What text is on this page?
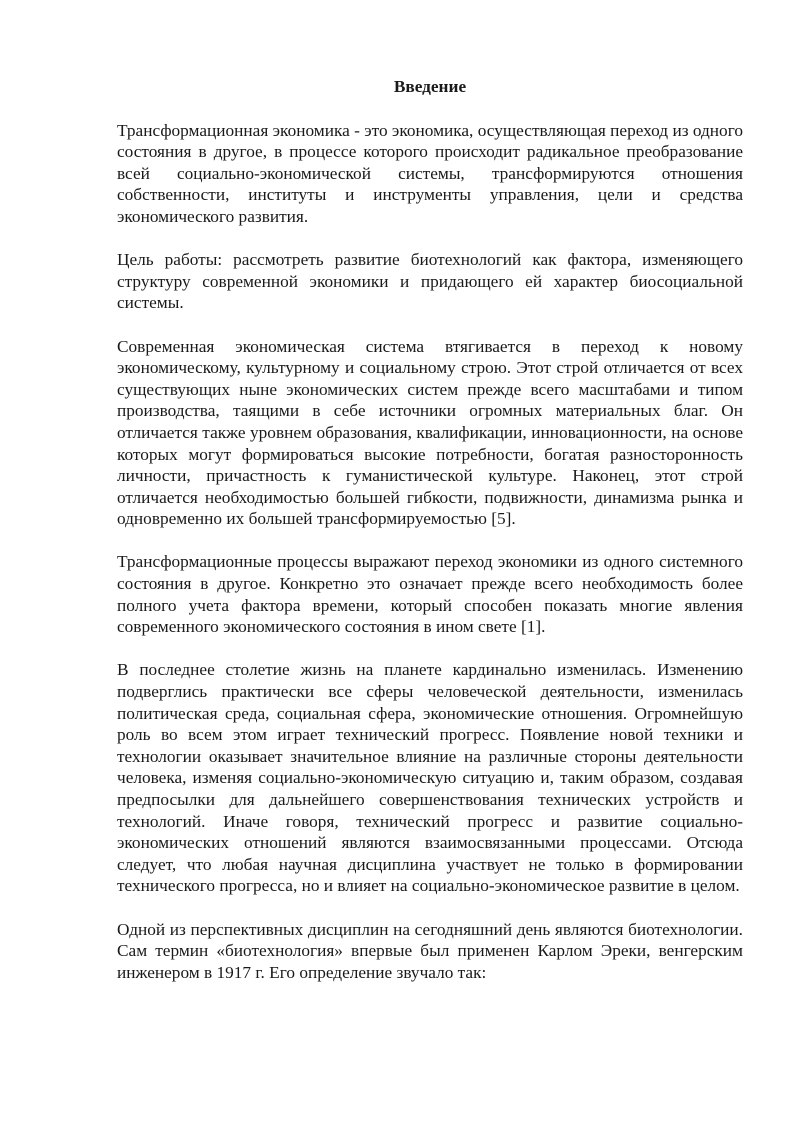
Введение

Трансформационная экономика - это экономика, осуществляющая переход из одного состояния в другое, в процессе которого происходит радикальное преобразование всей социально-экономической системы, трансформируются отношения собственности, институты и инструменты управления, цели и средства экономического развития.

Цель работы: рассмотреть развитие биотехнологий как фактора, изменяющего структуру современной экономики и придающего ей характер биосоциальной системы.

Современная экономическая система втягивается в переход к новому экономическому, культурному и социальному строю. Этот строй отличается от всех существующих ныне экономических систем прежде всего масштабами и типом производства, таящими в себе источники огромных материальных благ. Он отличается также уровнем образования, квалификации, инновационности, на основе которых могут формироваться высокие потребности, богатая разносторонность личности, причастность к гуманистической культуре. Наконец, этот строй отличается необходимостью большей гибкости, подвижности, динамизма рынка и одновременно их большей трансформируемостью [5].

Трансформационные процессы выражают переход экономики из одного системного состояния в другое. Конкретно это означает прежде всего необходимость более полного учета фактора времени, который способен показать многие явления современного экономического состояния в ином свете [1].

В последнее столетие жизнь на планете кардинально изменилась. Изменению подверглись практически все сферы человеческой деятельности, изменилась политическая среда, социальная сфера, экономические отношения. Огромнейшую роль во всем этом играет технический прогресс. Появление новой техники и технологии оказывает значительное влияние на различные стороны деятельности человека, изменяя социально-экономическую ситуацию и, таким образом, создавая предпосылки для дальнейшего совершенствования технических устройств и технологий. Иначе говоря, технический прогресс и развитие социально-экономических отношений являются взаимосвязанными процессами. Отсюда следует, что любая научная дисциплина участвует не только в формировании технического прогресса, но и влияет на социально-экономическое развитие в целом.

Одной из перспективных дисциплин на сегодняшний день являются биотехнологии. Сам термин «биотехнология» впервые был применен Карлом Эреки, венгерским инженером в 1917 г. Его определение звучало так:
